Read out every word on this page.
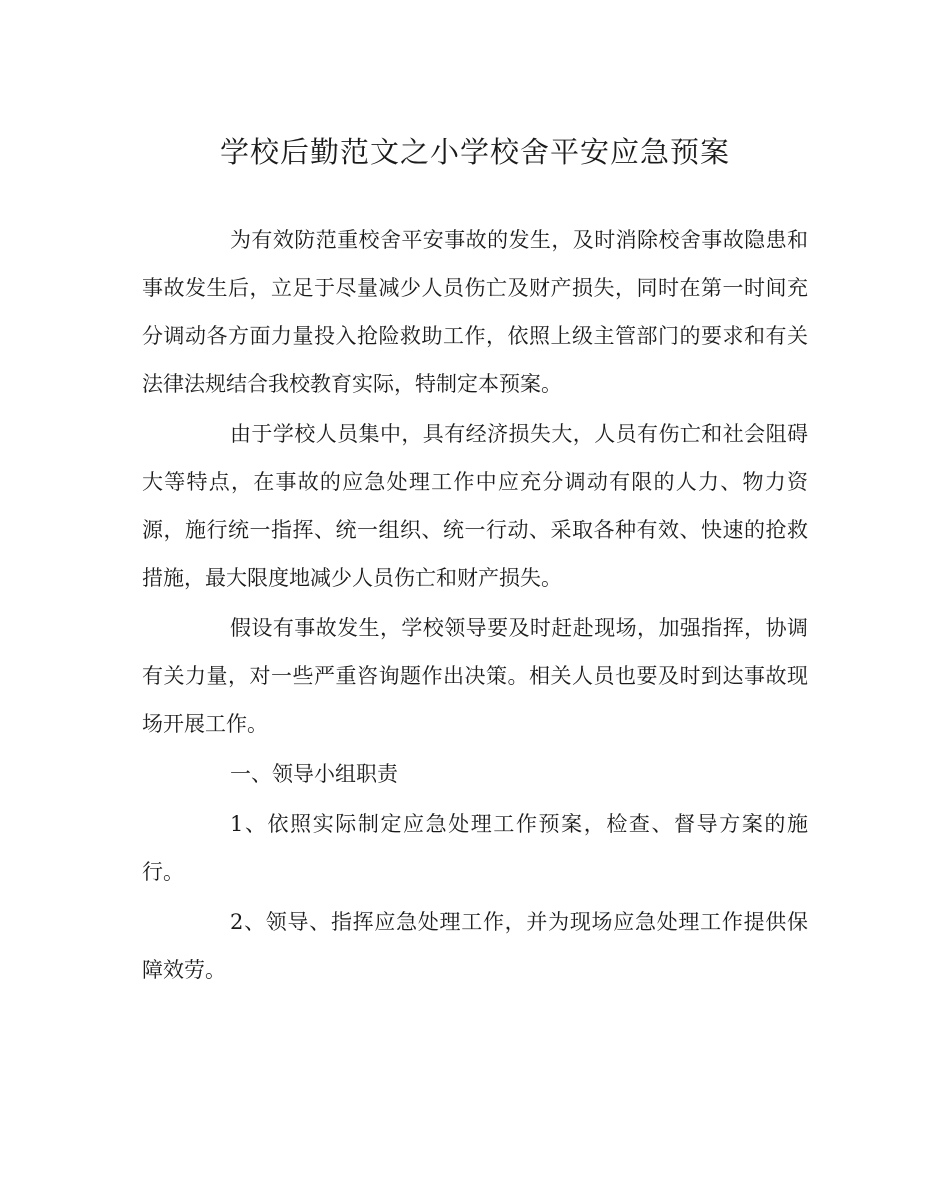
学校后勤范文之小学校舍平安应急预案

为有效防范重校舍平安事故的发生，及时消除校舍事故隐患和事故发生后，立足于尽量减少人员伤亡及财产损失，同时在第一时间充分调动各方面力量投入抢险救助工作，依照上级主管部门的要求和有关法律法规结合我校教育实际，特制定本预案。

由于学校人员集中，具有经济损失大，人员有伤亡和社会阻碍大等特点，在事故的应急处理工作中应充分调动有限的人力、物力资源，施行统一指挥、统一组织、统一行动、采取各种有效、快速的抢救措施，最大限度地减少人员伤亡和财产损失。

假设有事故发生，学校领导要及时赶赴现场，加强指挥，协调有关力量，对一些严重咨询题作出决策。相关人员也要及时到达事故现场开展工作。

一、领导小组职责

1、依照实际制定应急处理工作预案，检查、督导方案的施行。

2、领导、指挥应急处理工作，并为现场应急处理工作提供保障效劳。
